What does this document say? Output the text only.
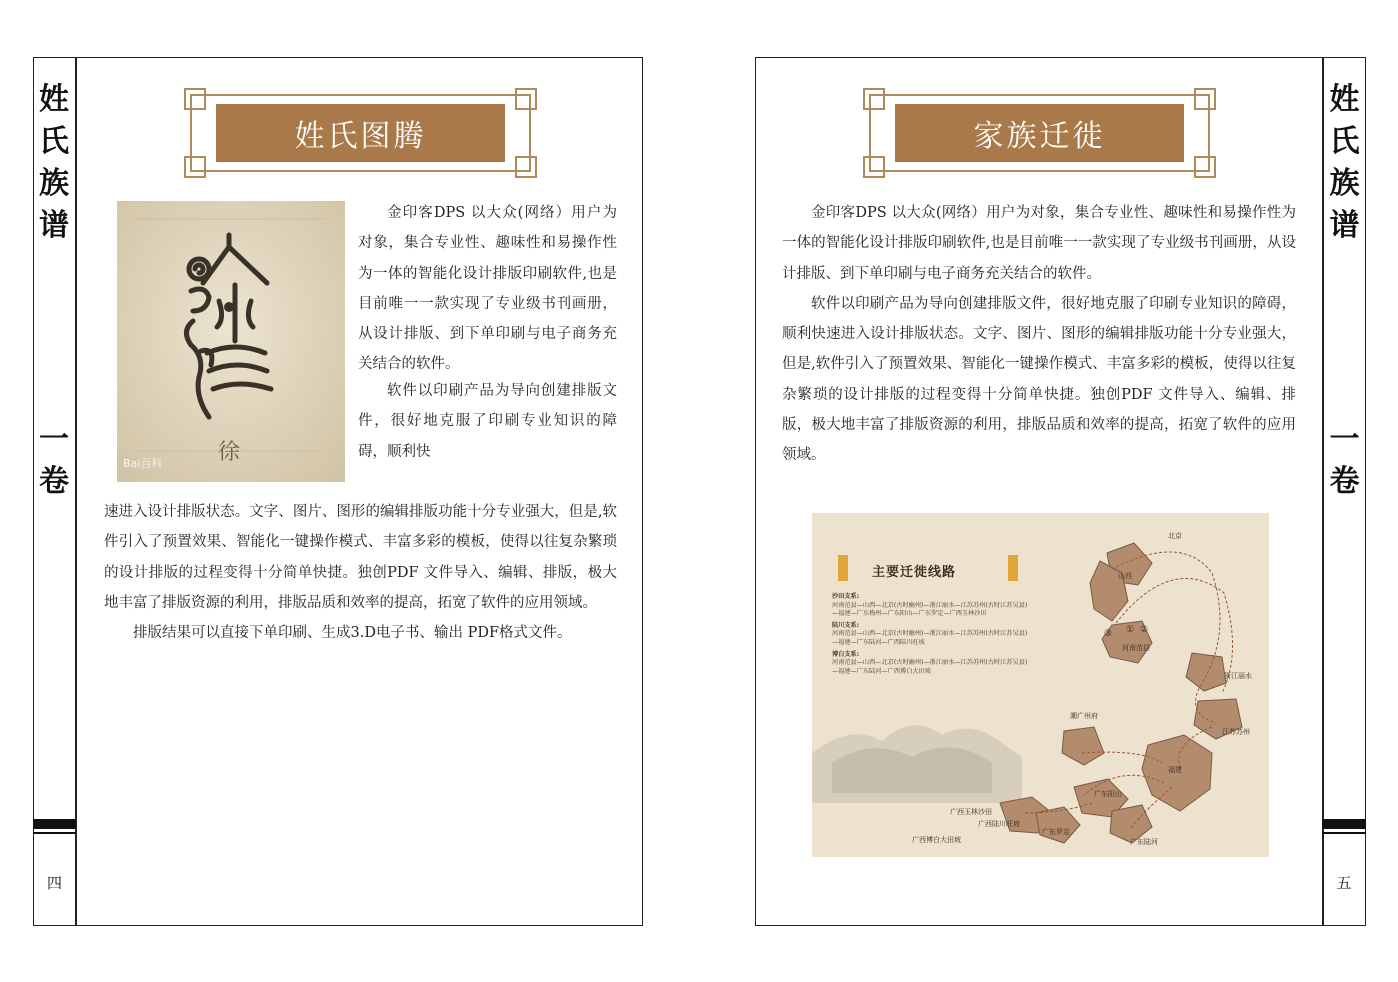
姓
氏
族
谱
一
卷
四
姓氏图腾
徐
Bai百科

金印客DPS 以大众(网络）用户为对象，集合专业性、趣味性和易操作性为一体的智能化设计排版印刷软件,也是目前唯一一款实现了专业级书刊画册，从设计排版、到下单印刷与电子商务充关结合的软件。

软件以印刷产品为导向创建排版文件，很好地克服了印刷专业知识的障碍，顺利快

速进入设计排版状态。文字、图片、图形的编辑排版功能十分专业强大，但是,软件引入了预置效果、智能化一键操作模式、丰富多彩的模板，使得以往复杂繁琐的设计排版的过程变得十分简单快捷。独创PDF 文件导入、编辑、排版，极大地丰富了排版资源的利用，排版品质和效率的提高，拓宽了软件的应用领域。

排版结果可以直接下单印刷、生成3.D电子书、输出 PDF格式文件。

姓
氏
族
谱
一
卷
五
家族迁徙

金印客DPS 以大众(网络）用户为对象，集合专业性、趣味性和易操作性为一体的智能化设计排版印刷软件,也是目前唯一一款实现了专业级书刊画册，从设计排版、到下单印刷与电子商务充关结合的软件。

软件以印刷产品为导向创建排版文件，很好地克服了印刷专业知识的障碍，顺利快速进入设计排版状态。文字、图片、图形的编辑排版功能十分专业强大，但是,软件引入了预置效果、智能化一键操作模式、丰富多彩的模板，使得以往复杂繁琐的设计排版的过程变得十分简单快捷。独创PDF 文件导入、编辑、排版，极大地丰富了排版资源的利用，排版品质和效率的提高，拓宽了软件的应用领域。

主要迁徙线路
沙田支系:
河南范县—山西—北京(古时幽州)—浙江丽水—江苏苏州(古时江苏吴县)—福建—广东梅州—广东阳山—广东罗定—广西玉林沙田
陆川支系:
河南范县—山西—北京(古时幽州)—浙江丽水—江苏苏州(古时江苏吴县)—福建—广东陆河—广西陆川旺坡
博白支系:
河南范县—山西—北京(古时幽州)—浙江丽水—江苏苏州(古时江苏吴县)—福建—广东陆河—广西博白大田坡
北京
山西
河南范县
浙江丽水
江苏苏州
潮广州府
福建
广东阳山
广东罗定
广东陆河
广西玉林沙田
广西陆川旺坡
广西博白大田坡
③ ① ②
